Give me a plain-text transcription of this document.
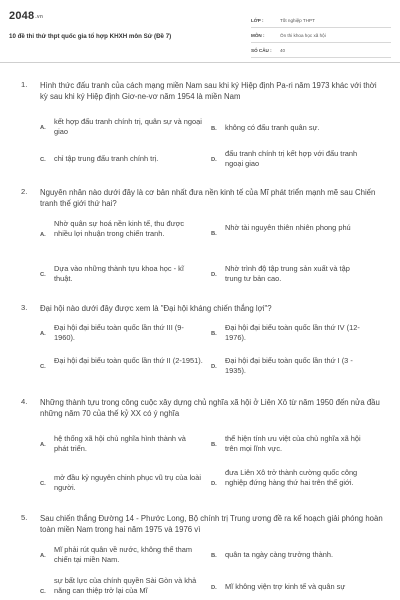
2048.vn
10 đề thi thử thpt quốc gia tổ hợp KHXH môn Sử (Đề 7)
LỚP :	Tốt nghiệp THPT
MÔN :	Ôn thi khoa học xã hội
SỐ CÂU :	40
1. Hình thức đấu tranh của cách mạng miền Nam sau khi ký Hiệp định Pa-ri năm 1973 khác với thời kỳ sau khi ký Hiệp định Giơ-ne-vơ năm 1954 là miền Nam
A.
kết hợp đấu tranh chính trị, quân sự và ngoại giao	B. không có đấu tranh quân sự.
C. chỉ tập trung đấu tranh chính trị.	D.
đấu tranh chính trị kết hợp với đấu tranh ngoại giao
2. Nguyên nhân nào dưới đây là cơ bản nhất đưa nền kinh tế của Mĩ phát triển mạnh mẽ sau Chiến tranh thế giới thứ hai?
A.
Nhờ quân sự hoá nền kinh tế, thu được nhiều lợi nhuận trong chiến tranh.	B.
Nhờ tài nguyên thiên nhiên phong phú
C.
Dựa vào những thành tựu khoa học - kĩ thuật.	D.
Nhờ trình độ tập trung sản xuất và tập trung tư bản cao.
3. Đại hội nào dưới đây được xem là "Đại hội kháng chiến thắng lợi"?
A.
Đại hội đại biểu toàn quốc lần thứ III (9-1960).	B.
Đại hội đại biểu toàn quốc lần thứ IV (12-1976).
C.
Đại hội đại biểu toàn quốc lần thứ II (2-1951).
D.
Đại hội đại biểu toàn quốc lần thứ I (3 - 1935).
4. Những thành tựu trong công cuộc xây dựng chủ nghĩa xã hội ở Liên Xô từ năm 1950 đến nửa đầu những năm 70 của thế kỷ XX có ý nghĩa
A.
hệ thống xã hội chủ nghĩa hình thành và phát triển.	B.
thể hiện tính ưu việt của chủ nghĩa xã hội trên mọi lĩnh vực.
C.
mở đầu kỷ nguyên chinh phục vũ trụ của loài người.	D.
đưa Liên Xô trở thành cường quốc công nghiệp đứng hàng thứ hai trên thế giới.
5. Sau chiến thắng Đường 14 - Phước Long, Bộ chính trị Trung ương đề ra kế hoạch giải phóng hoàn toàn miền Nam trong hai năm 1975 và 1976 vì
A.
Mĩ phải rút quân về nước, không thể tham chiến tại miền Nam.	B. quân ta ngày càng trưởng thành.
C.
sự bất lực của chính quyền Sài Gòn và khả năng can thiệp trở lại của Mĩ	D. Mĩ không viện trợ kinh tế và quân sự
